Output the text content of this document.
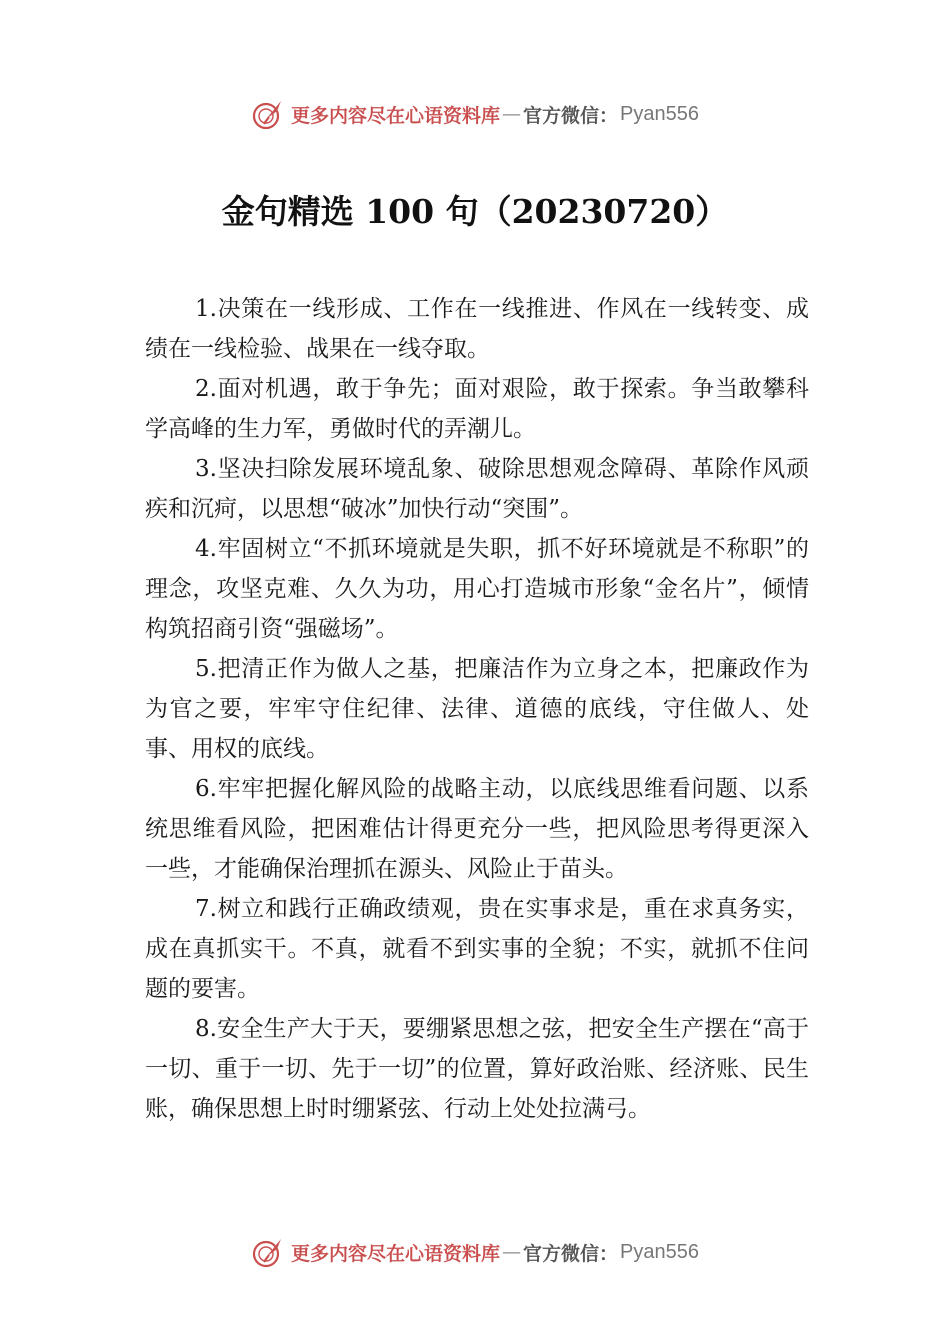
更多内容尽在心语资料库 — 官方微信： Pyan556
金句精选 100 句（20230720）

1.决策在一线形成、工作在一线推进、作风在一线转变、成绩在一线检验、战果在一线夺取。

2.面对机遇，敢于争先；面对艰险，敢于探索。争当敢攀科学高峰的生力军，勇做时代的弄潮儿。

3.坚决扫除发展环境乱象、破除思想观念障碍、革除作风顽疾和沉疴，以思想“破冰”加快行动“突围”。

4.牢固树立“不抓环境就是失职，抓不好环境就是不称职”的理念，攻坚克难、久久为功，用心打造城市形象“金名片”，倾情构筑招商引资“强磁场”。

5.把清正作为做人之基，把廉洁作为立身之本，把廉政作为为官之要，牢牢守住纪律、法律、道德的底线，守住做人、处事、用权的底线。

6.牢牢把握化解风险的战略主动，以底线思维看问题、以系统思维看风险，把困难估计得更充分一些，把风险思考得更深入一些，才能确保治理抓在源头、风险止于苗头。

7.树立和践行正确政绩观，贵在实事求是，重在求真务实，成在真抓实干。不真，就看不到实事的全貌；不实，就抓不住问题的要害。

8.安全生产大于天，要绷紧思想之弦，把安全生产摆在“高于一切、重于一切、先于一切”的位置，算好政治账、经济账、民生账，确保思想上时时绷紧弦、行动上处处拉满弓。

更多内容尽在心语资料库 — 官方微信： Pyan556
